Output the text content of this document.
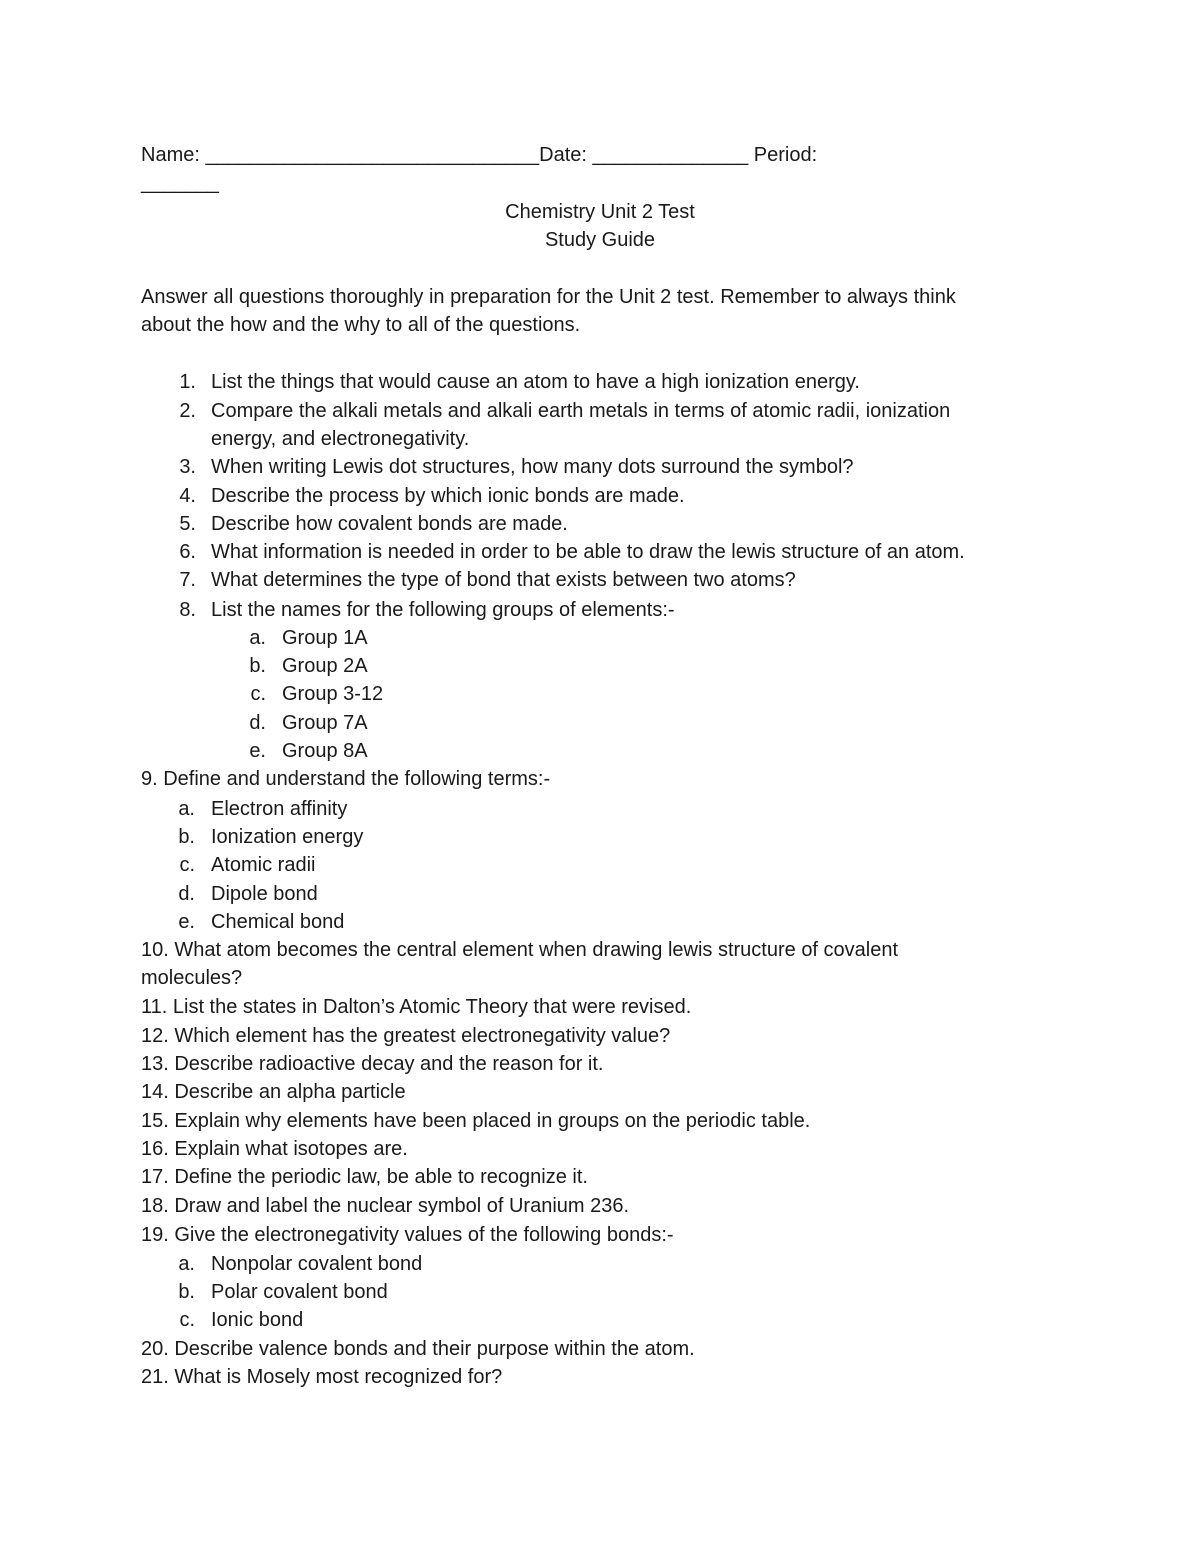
Name: ______________________________Date: ______________ Period:
_______
Chemistry Unit 2 Test
Study Guide
Answer all questions thoroughly in preparation for the Unit 2 test. Remember to always think
about the how and the why to all of the questions.
1. List the things that would cause an atom to have a high ionization energy.
2. Compare the alkali metals and alkali earth metals in terms of atomic radii, ionization
energy, and electronegativity.
3. When writing Lewis dot structures, how many dots surround the symbol?
4. Describe the process by which ionic bonds are made.
5. Describe how covalent bonds are made.
6. What information is needed in order to be able to draw the lewis structure of an atom.
7. What determines the type of bond that exists between two atoms?
8. List the names for the following groups of elements:-
a. Group 1A
b. Group 2A
c. Group 3-12
d. Group 7A
e. Group 8A
9. Define and understand the following terms:-
a. Electron affinity
b. Ionization energy
c. Atomic radii
d. Dipole bond
e. Chemical bond
10. What atom becomes the central element when drawing lewis structure of covalent
molecules?
11. List the states in Dalton’s Atomic Theory that were revised.
12. Which element has the greatest electronegativity value?
13. Describe radioactive decay and the reason for it.
14. Describe an alpha particle
15. Explain why elements have been placed in groups on the periodic table.
16. Explain what isotopes are.
17. Define the periodic law, be able to recognize it.
18. Draw and label the nuclear symbol of Uranium 236.
19. Give the electronegativity values of the following bonds:-
a. Nonpolar covalent bond
b. Polar covalent bond
c. Ionic bond
20. Describe valence bonds and their purpose within the atom.
21. What is Mosely most recognized for?
